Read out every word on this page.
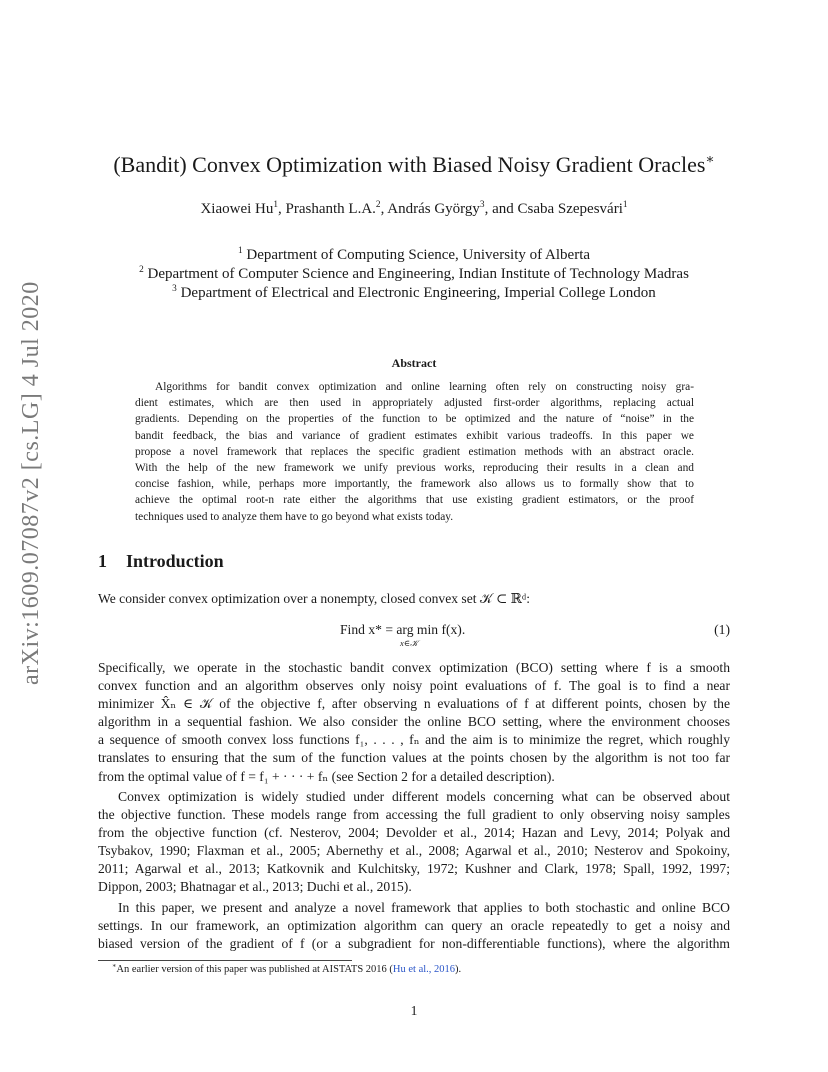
arXiv:1609.07087v2 [cs.LG] 4 Jul 2020
(Bandit) Convex Optimization with Biased Noisy Gradient Oracles∗
Xiaowei Hu$^1$, Prashanth L.A.$^2$, András György$^3$, and Csaba Szepesvári$^1$
$^1$ Department of Computing Science, University of Alberta
$^2$ Department of Computer Science and Engineering, Indian Institute of Technology Madras
$^3$ Department of Electrical and Electronic Engineering, Imperial College London
Abstract
Algorithms for bandit convex optimization and online learning often rely on constructing noisy gra-
dient estimates, which are then used in appropriately adjusted first-order algorithms, replacing actual
gradients. Depending on the properties of the function to be optimized and the nature of “noise” in the
bandit feedback, the bias and variance of gradient estimates exhibit various tradeoffs. In this paper we
propose a novel framework that replaces the specific gradient estimation methods with an abstract oracle.
With the help of the new framework we unify previous works, reproducing their results in a clean and
concise fashion, while, perhaps more importantly, the framework also allows us to formally show that to
achieve the optimal root-n rate either the algorithms that use existing gradient estimators, or the proof
techniques used to analyze them have to go beyond what exists today.
1 Introduction
We consider convex optimization over a nonempty, closed convex set 𝒦 ⊂ ℝᵈ:
Find x* = arg min f(x).
x∈𝒦
(1)
Specifically, we operate in the stochastic bandit convex optimization (BCO) setting where f is a smooth
convex function and an algorithm observes only noisy point evaluations of f. The goal is to find a near
minimizer X̂ₙ ∈ 𝒦 of the objective f, after observing n evaluations of f at different points, chosen by the
algorithm in a sequential fashion. We also consider the online BCO setting, where the environment chooses
a sequence of smooth convex loss functions f₁, . . . , fₙ and the aim is to minimize the regret, which roughly
translates to ensuring that the sum of the function values at the points chosen by the algorithm is not too far
from the optimal value of f = f₁ + · · · + fₙ (see Section 2 for a detailed description).
Convex optimization is widely studied under different models concerning what can be observed about
the objective function. These models range from accessing the full gradient to only observing noisy samples
from the objective function (cf. Nesterov, 2004; Devolder et al., 2014; Hazan and Levy, 2014; Polyak and
Tsybakov, 1990; Flaxman et al., 2005; Abernethy et al., 2008; Agarwal et al., 2010; Nesterov and Spokoiny,
2011; Agarwal et al., 2013; Katkovnik and Kulchitsky, 1972; Kushner and Clark, 1978; Spall, 1992, 1997;
Dippon, 2003; Bhatnagar et al., 2013; Duchi et al., 2015).
In this paper, we present and analyze a novel framework that applies to both stochastic and online BCO
settings. In our framework, an optimization algorithm can query an oracle repeatedly to get a noisy and
biased version of the gradient of f (or a subgradient for non-differentiable functions), where the algorithm
∗An earlier version of this paper was published at AISTATS 2016 (Hu et al., 2016).
1
